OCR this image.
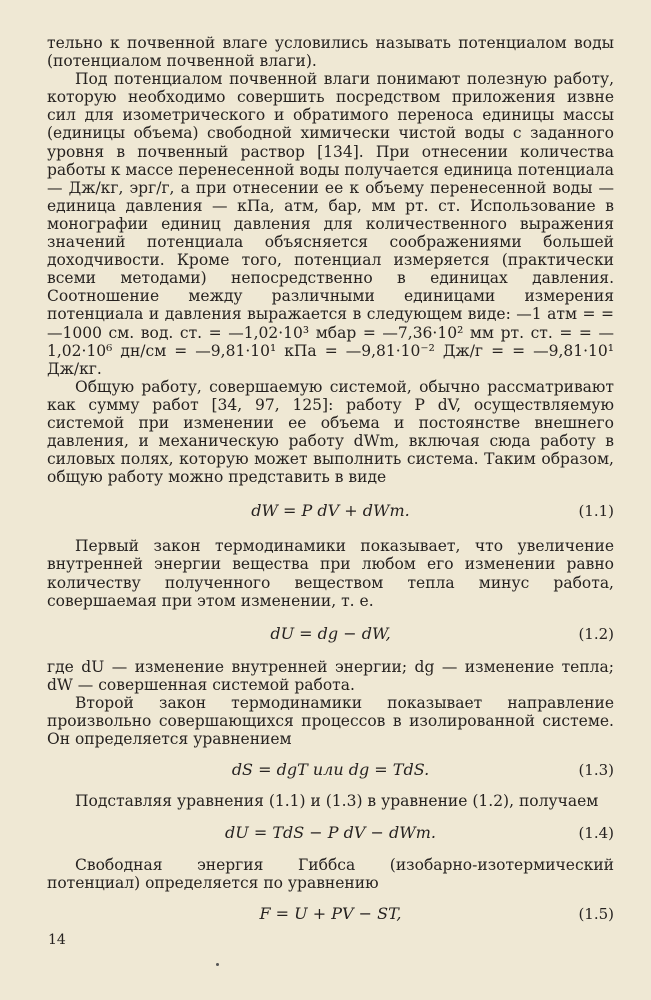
тельно к почвенной влаге условились называть потенциалом воды (потенциалом почвенной влаги).

Под потенциалом почвенной влаги понимают полезную работу, которую необходимо совершить посредством приложения извне сил для изометрического и обратимого переноса единицы массы (единицы объема) свободной химически чистой воды с заданного уровня в почвенный раствор [134]. При отнесении количества работы к массе перенесенной воды получается единица потенциала — Дж/кг, эрг/г, а при отнесении ее к объему перенесенной воды — единица давления — кПа, атм, бар, мм рт. ст. Использование в монографии единиц давления для количественного выражения значений потенциала объясняется соображениями большей доходчивости. Кроме того, потенциал измеряется (практически всеми методами) непосредственно в единицах давления. Соотношение между различными единицами измерения потенциала и давления выражается в следующем виде: —1 атм = = —1000 см. вод. ст. = —1,02·10³ мбар = —7,36·10² мм рт. ст. = = —1,02·10⁶ дн/см = —9,81·10¹ кПа = —9,81·10⁻² Дж/г = = —9,81·10¹ Дж/кг.

Общую работу, совершаемую системой, обычно рассматривают как сумму работ [34, 97, 125]: работу P dV, осуществляемую системой при изменении ее объема и постоянстве внешнего давления, и механическую работу dWm, включая сюда работу в силовых полях, которую может выполнить система. Таким образом, общую работу можно представить в виде

dW = P dV + dWm.	(1.1)

Первый закон термодинамики показывает, что увеличение внутренней энергии вещества при любом его изменении равно количеству полученного веществом тепла минус работа, совершаемая при этом изменении, т. е.

dU = dg − dW,	(1.2)

где dU — изменение внутренней энергии; dg — изменение тепла; dW — совершенная системой работа.

Второй закон термодинамики показывает направление произвольно совершающихся процессов в изолированной системе. Он определяется уравнением

dS = dgT или dg = TdS.	(1.3)

Подставляя уравнения (1.1) и (1.3) в уравнение (1.2), получаем

dU = TdS − P dV − dWm.	(1.4)

Свободная энергия Гиббса (изобарно-изотермический потенциал) определяется по уравнению

F = U + PV − ST,	(1.5)
14
